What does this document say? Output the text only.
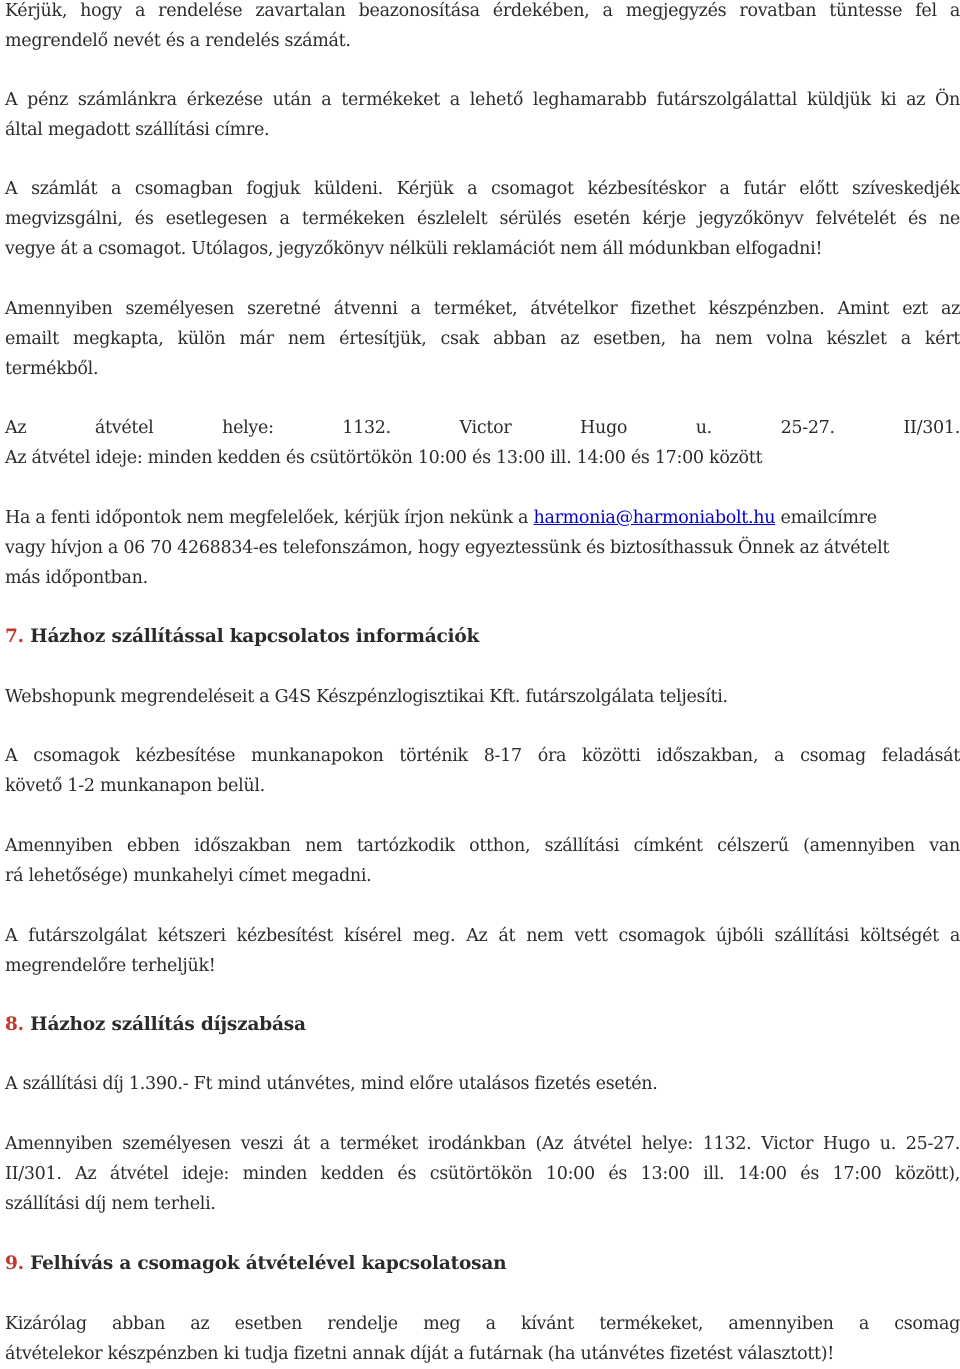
Kérjük, hogy a rendelése zavartalan beazonosítása érdekében, a megjegyzés rovatban tüntesse fel a
megrendelő nevét és a rendelés számát.
A pénz számlánkra érkezése után a termékeket a lehető leghamarabb futárszolgálattal küldjük ki az Ön
által megadott szállítási címre.
A számlát a csomagban fogjuk küldeni. Kérjük a csomagot kézbesítéskor a futár előtt szíveskedjék
megvizsgálni, és esetlegesen a termékeken észlelelt sérülés esetén kérje jegyzőkönyv felvételét és ne
vegye át a csomagot. Utólagos, jegyzőkönyv nélküli reklamációt nem áll módunkban elfogadni!
Amennyiben személyesen szeretné átvenni a terméket, átvételkor fizethet készpénzben. Amint ezt az
emailt megkapta, külön már nem értesítjük, csak abban az esetben, ha nem volna készlet a kért
termékből.
Az átvétel helye: 1132. Victor Hugo u. 25-27. II/301.
Az átvétel ideje: minden kedden és csütörtökön 10:00 és 13:00 ill. 14:00 és 17:00 között
Ha a fenti időpontok nem megfelelőek, kérjük írjon nekünk a harmonia@harmoniabolt.hu emailcímre
vagy hívjon a 06 70 4268834-es telefonszámon, hogy egyeztessünk és biztosíthassuk Önnek az átvételt
más időpontban.
7. Házhoz szállítással kapcsolatos információk
Webshopunk megrendeléseit a G4S Készpénzlogisztikai Kft. futárszolgálata teljesíti.
A csomagok kézbesítése munkanapokon történik 8-17 óra közötti időszakban, a csomag feladását
követő 1-2 munkanapon belül.
Amennyiben ebben időszakban nem tartózkodik otthon, szállítási címként célszerű (amennyiben van
rá lehetősége) munkahelyi címet megadni.
A futárszolgálat kétszeri kézbesítést kísérel meg. Az át nem vett csomagok újbóli szállítási költségét a
megrendelőre terheljük!
8. Házhoz szállítás díjszabása
A szállítási díj 1.390.- Ft mind utánvétes, mind előre utalásos fizetés esetén.
Amennyiben személyesen veszi át a terméket irodánkban (Az átvétel helye: 1132. Victor Hugo u. 25-27.
II/301. Az átvétel ideje: minden kedden és csütörtökön 10:00 és 13:00 ill. 14:00 és 17:00 között),
szállítási díj nem terheli.
9. Felhívás a csomagok átvételével kapcsolatosan
Kizárólag abban az esetben rendelje meg a kívánt termékeket, amennyiben a csomag
átvételekor készpénzben ki tudja fizetni annak díját a futárnak (ha utánvétes fizetést választott)!
